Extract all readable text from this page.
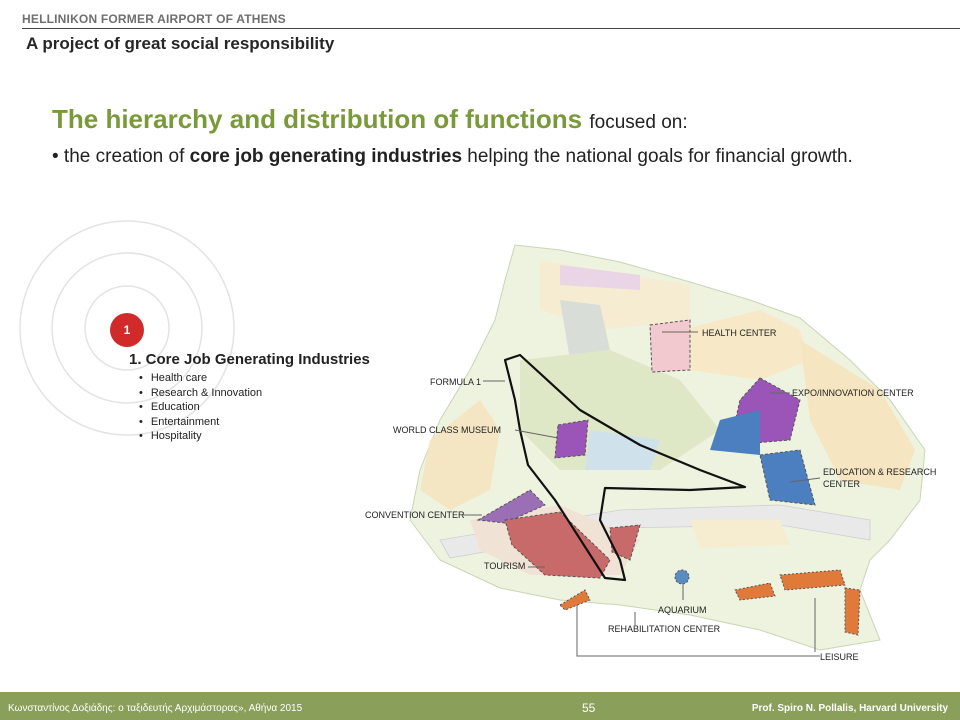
HELLINIKON FORMER AIRPORT OF ATHENS
A project of great social responsibility
The hierarchy and distribution of functions focused on:
• the creation of core job generating industries helping the national goals for financial growth.
1
1. Core Job Generating Industries
• Health care
• Research & Innovation
• Education
• Entertainment
• Hospitality
HEALTH CENTER
FORMULA 1
EXPO/INNOVATION CENTER
WORLD CLASS MUSEUM
EDUCATION & RESEARCH
CENTER
CONVENTION CENTER
TOURISM
AQUARIUM
REHABILITATION CENTER
LEISURE
Κωνσταντίνος Δοξιάδης: ο ταξιδευτής Αρχιμάστορας», Αθήνα 2015	55	Prof. Spiro N. Pollalis, Harvard University
